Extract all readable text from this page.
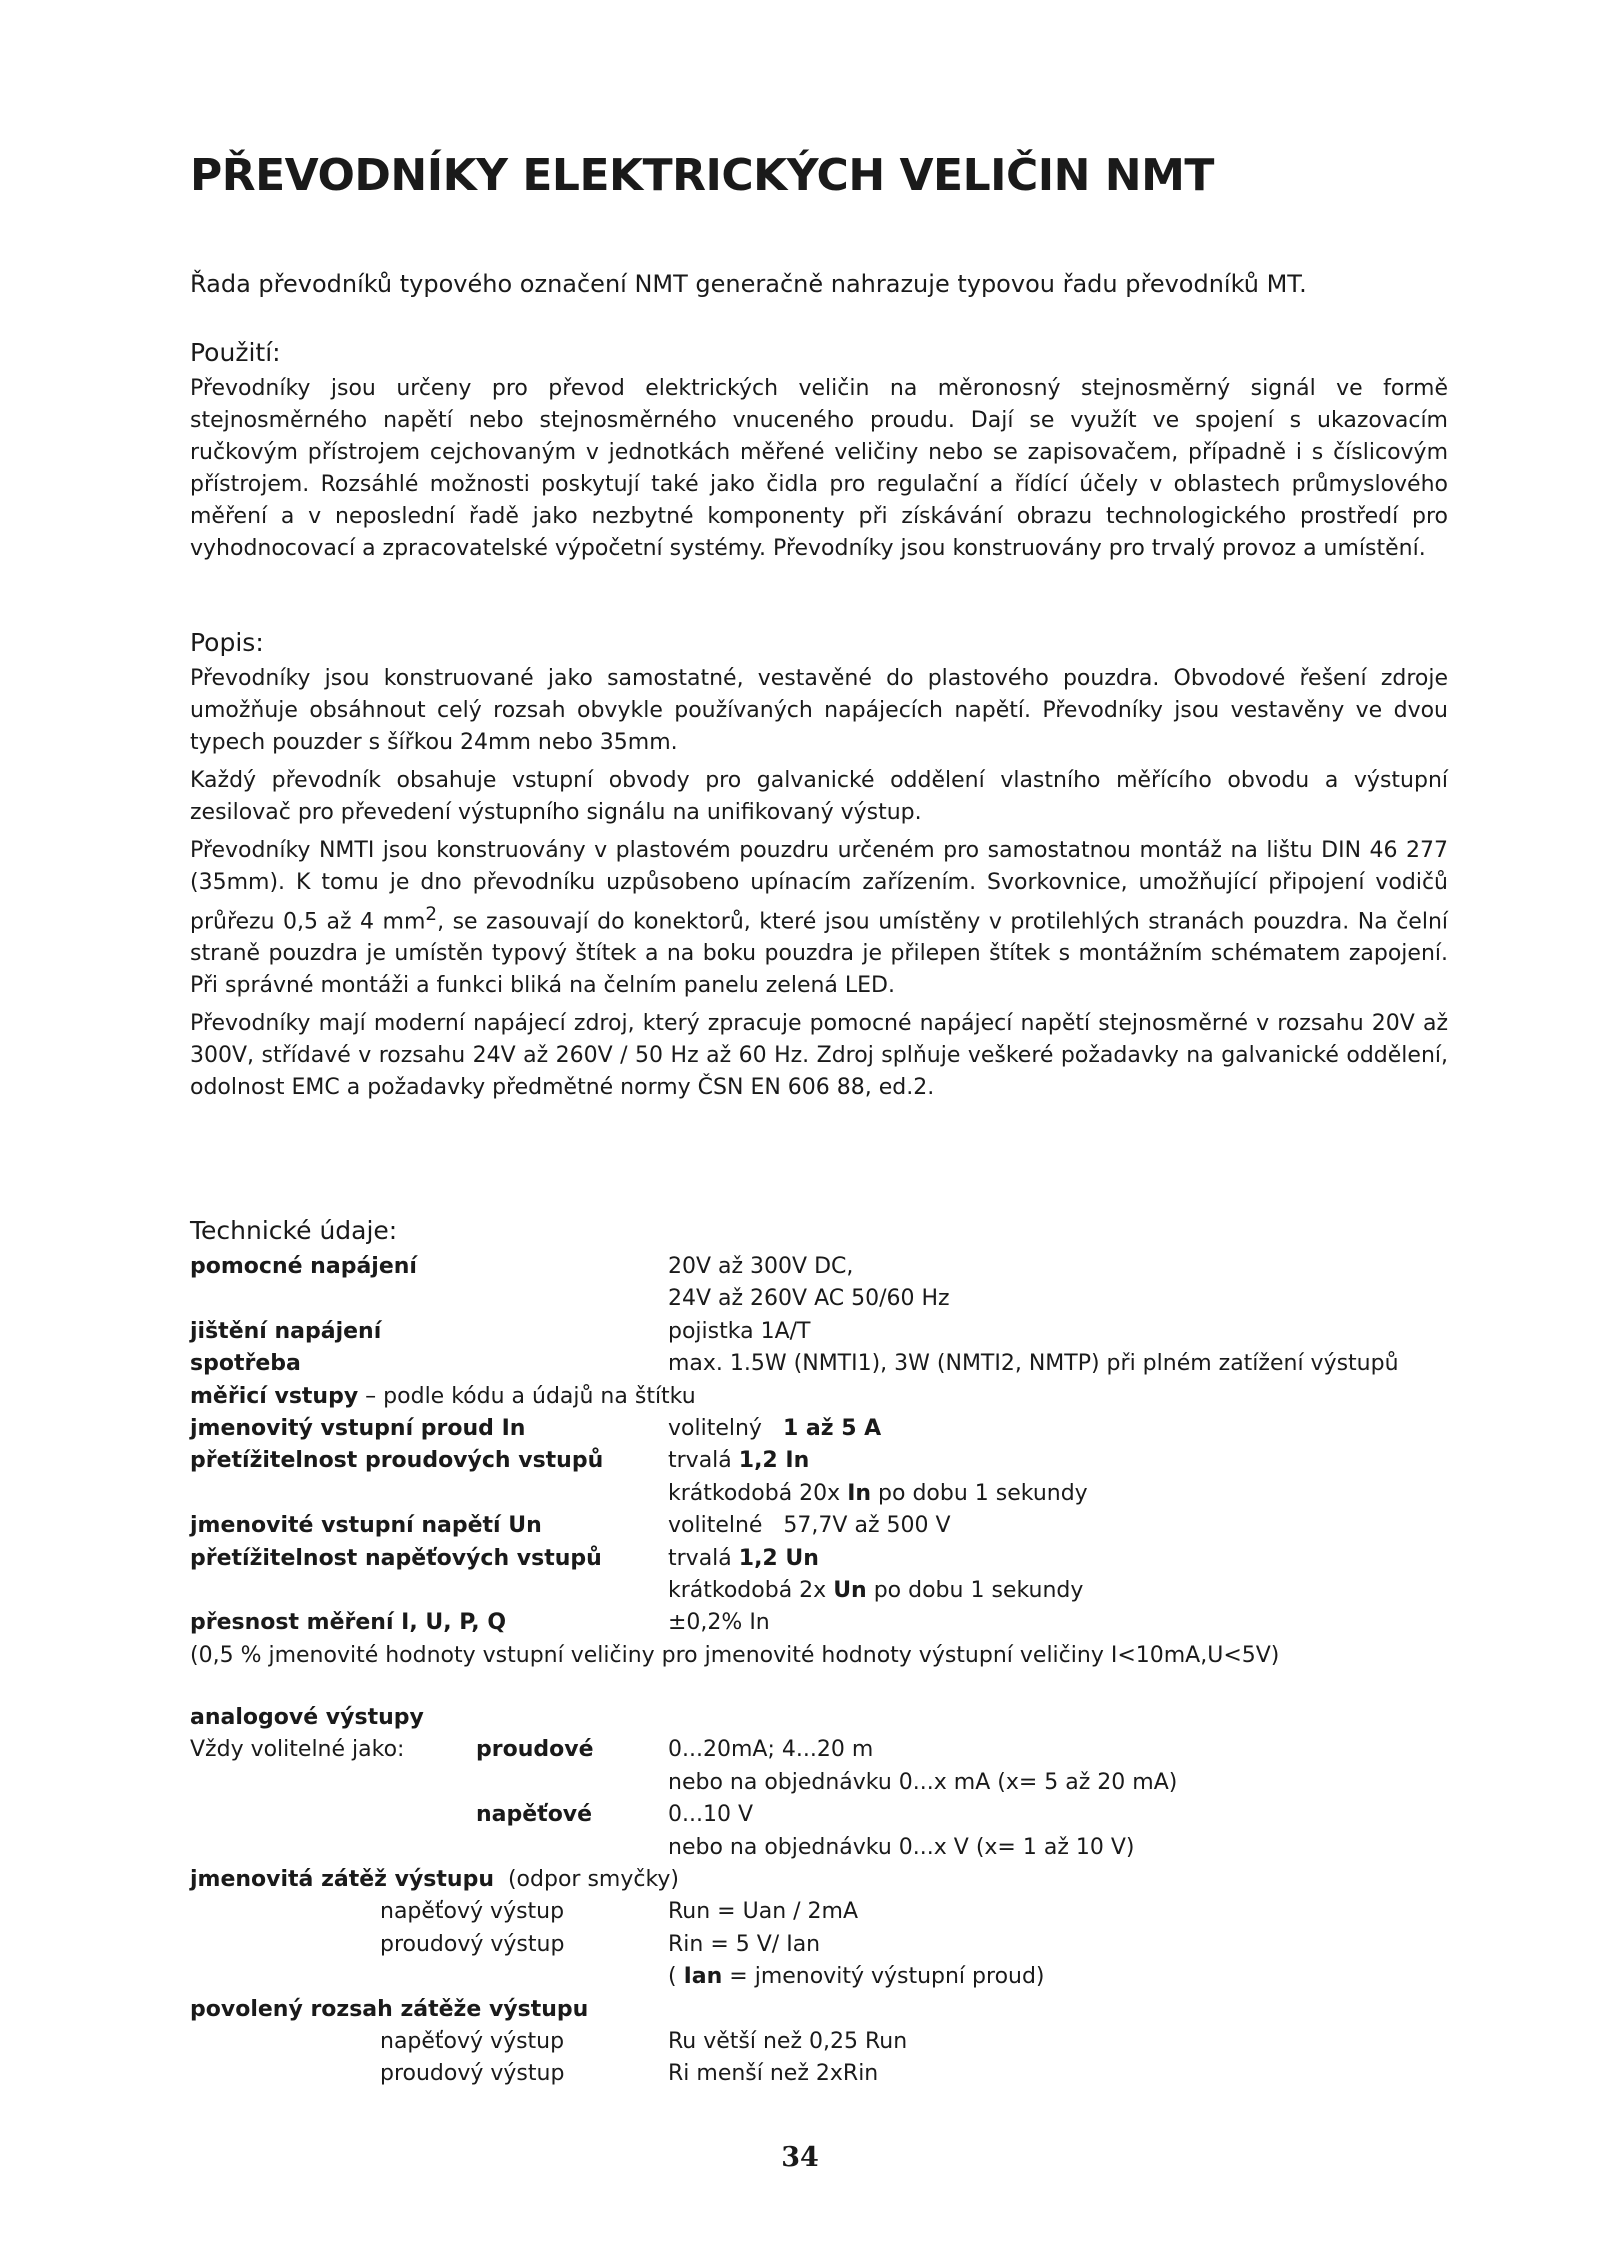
PŘEVODNÍKY ELEKTRICKÝCH VELIČIN NMT

Řada převodníků typového označení NMT generačně nahrazuje typovou řadu převodníků MT.

Použití:

Převodníky jsou určeny pro převod elektrických veličin na měronosný stejnosměrný signál ve formě stejnosměrného napětí nebo stejnosměrného vnuceného proudu. Dají se využít ve spojení s ukazovacím ručkovým přístrojem cejchovaným v jednotkách měřené veličiny nebo se zapisovačem, případně i s číslicovým přístrojem. Rozsáhlé možnosti poskytují také jako čidla pro regulační a řídící účely v oblastech průmyslového měření a v neposlední řadě jako nezbytné komponenty při získávání obrazu technologického prostředí pro vyhodnocovací a zpracovatelské výpočetní systémy. Převodníky jsou konstruovány pro trvalý provoz a umístění.

Popis:

Převodníky jsou konstruované jako samostatné, vestavěné do plastového pouzdra. Obvodové řešení zdroje umožňuje obsáhnout celý rozsah obvykle používaných napájecích napětí. Převodníky jsou vestavěny ve dvou typech pouzder s šířkou 24mm nebo 35mm.

Každý převodník obsahuje vstupní obvody pro galvanické oddělení vlastního měřícího obvodu a výstupní zesilovač pro převedení výstupního signálu na unifikovaný výstup.

Převodníky NMTI jsou konstruovány v plastovém pouzdru určeném pro samostatnou montáž na lištu DIN 46 277 (35mm). K tomu je dno převodníku uzpůsobeno upínacím zařízením. Svorkovnice, umožňující připojení vodičů průřezu 0,5 až 4 $mm^2$, se zasouvají do konektorů, které jsou umístěny v protilehlých stranách pouzdra. Na čelní straně pouzdra je umístěn typový štítek a na boku pouzdra je přilepen štítek s montážním schématem zapojení. Při správné montáži a funkci bliká na čelním panelu zelená LED.

Převodníky mají moderní napájecí zdroj, který zpracuje pomocné napájecí napětí stejnosměrné v rozsahu 20V až 300V, střídavé v rozsahu 24V až 260V / 50 Hz až 60 Hz. Zdroj splňuje veškeré požadavky na galvanické oddělení, odolnost EMC a požadavky předmětné normy ČSN EN 606 88, ed.2.

Technické údaje:
pomocné napájení	20V až 300V DC,
	24V až 260V AC 50/60 Hz
jištění napájení	pojistka 1A/T
spotřeba	max. 1.5W (NMTI1), 3W (NMTI2, NMTP) při plném zatížení výstupů
měřicí vstupy – podle kódu a údajů na štítku	
jmenovitý vstupní proud In	volitelný 1 až 5 A
přetížitelnost proudových vstupů	trvalá 1,2 In
	krátkodobá 20x In po dobu 1 sekundy
jmenovité vstupní napětí Un	volitelné   57,7V až 500 V
přetížitelnost napěťových vstupů	trvalá 1,2 Un
	krátkodobá 2x Un po dobu 1 sekundy
přesnost měření I, U, P, Q	±0,2% In
(0,5 % jmenovité hodnoty vstupní veličiny pro jmenovité hodnoty výstupní veličiny I<10mA,U<5V)	

analogové výstupy	
Vždy volitelné jako: proudové	0...20mA; 4...20 m
	nebo na objednávku 0...x mA (x= 5 až 20 mA)
napěťové	0...10 V
	nebo na objednávku 0...x V (x= 1 až 10 V)
jmenovitá zátěž výstupu  (odpor smyčky)	
napěťový výstup	Run = Uan / 2mA
proudový výstup	Rin = 5 V/ Ian
	( Ian = jmenovitý výstupní proud)
povolený rozsah zátěže výstupu	
napěťový výstup	Ru větší než 0,25 Run
proudový výstup	Ri menší než 2xRin
34
